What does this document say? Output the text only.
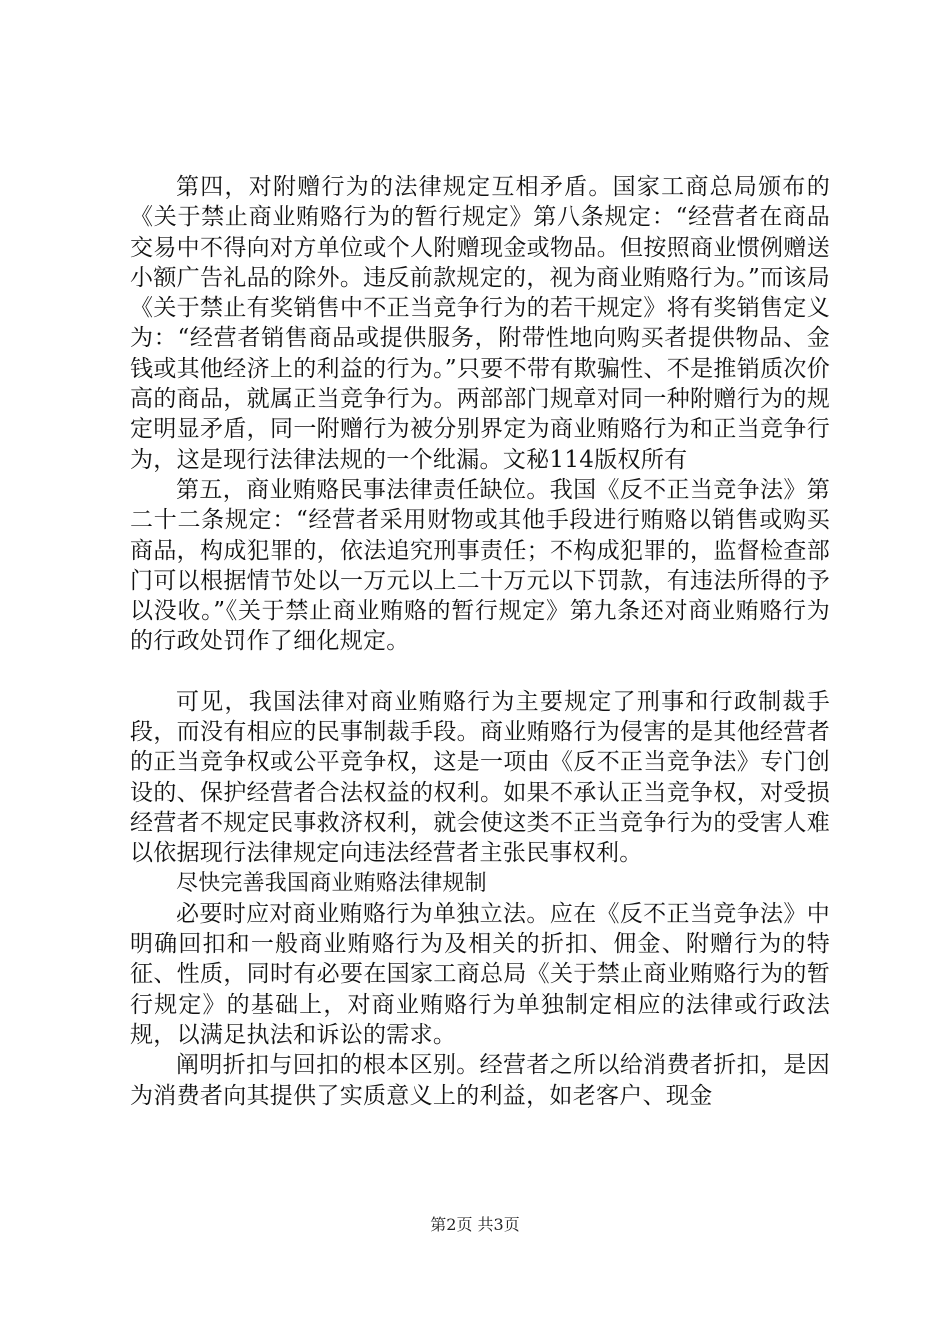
第四，对附赠行为的法律规定互相矛盾。国家工商总局颁布的《关于禁止商业贿赂行为的暂行规定》第八条规定：“经营者在商品交易中不得向对方单位或个人附赠现金或物品。但按照商业惯例赠送小额广告礼品的除外。违反前款规定的，视为商业贿赂行为。”而该局《关于禁止有奖销售中不正当竞争行为的若干规定》将有奖销售定义为：“经营者销售商品或提供服务，附带性地向购买者提供物品、金钱或其他经济上的利益的行为。”只要不带有欺骗性、不是推销质次价高的商品，就属正当竞争行为。两部部门规章对同一种附赠行为的规定明显矛盾，同一附赠行为被分别界定为商业贿赂行为和正当竞争行为，这是现行法律法规的一个纰漏。文秘114版权所有

第五，商业贿赂民事法律责任缺位。我国《反不正当竞争法》第二十二条规定：“经营者采用财物或其他手段进行贿赂以销售或购买商品，构成犯罪的，依法追究刑事责任；不构成犯罪的，监督检查部门可以根据情节处以一万元以上二十万元以下罚款，有违法所得的予以没收。”《关于禁止商业贿赂的暂行规定》第九条还对商业贿赂行为的行政处罚作了细化规定。

可见，我国法律对商业贿赂行为主要规定了刑事和行政制裁手段，而没有相应的民事制裁手段。商业贿赂行为侵害的是其他经营者的正当竞争权或公平竞争权，这是一项由《反不正当竞争法》专门创设的、保护经营者合法权益的权利。如果不承认正当竞争权，对受损经营者不规定民事救济权利，就会使这类不正当竞争行为的受害人难以依据现行法律规定向违法经营者主张民事权利。

尽快完善我国商业贿赂法律规制

必要时应对商业贿赂行为单独立法。应在《反不正当竞争法》中明确回扣和一般商业贿赂行为及相关的折扣、佣金、附赠行为的特征、性质，同时有必要在国家工商总局《关于禁止商业贿赂行为的暂行规定》的基础上，对商业贿赂行为单独制定相应的法律或行政法规，以满足执法和诉讼的需求。

阐明折扣与回扣的根本区别。经营者之所以给消费者折扣，是因为消费者向其提供了实质意义上的利益，如老客户、现金

第2页 共3页
